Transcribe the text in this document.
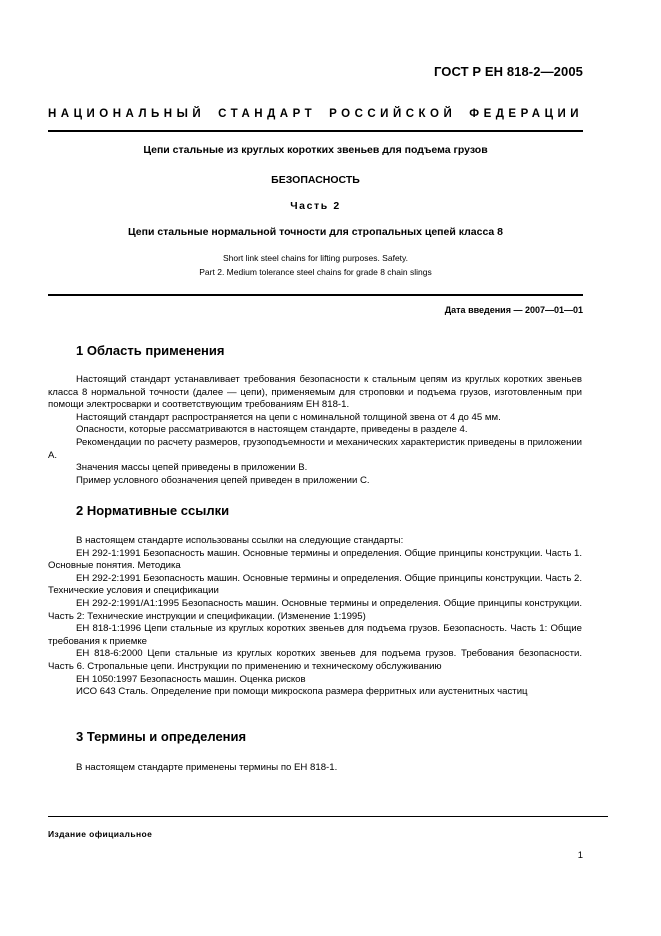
ГОСТ Р ЕН 818-2—2005
НАЦИОНАЛЬНЫЙ СТАНДАРТ РОССИЙСКОЙ ФЕДЕРАЦИИ
Цепи стальные из круглых коротких звеньев для подъема грузов
БЕЗОПАСНОСТЬ
Часть 2
Цепи стальные нормальной точности для стропальных цепей класса 8
Short link steel chains for lifting purposes. Safety.
Part 2. Medium tolerance steel chains for grade 8 chain slings
Дата введения — 2007—01—01
1 Область применения

Настоящий стандарт устанавливает требования безопасности к стальным цепям из круглых коротких звеньев класса 8 нормальной точности (далее — цепи), применяемым для строповки и подъема грузов, изготовленным при помощи электросварки и соответствующим требованиям ЕН 818-1.

Настоящий стандарт распространяется на цепи с номинальной толщиной звена от 4 до 45 мм.

Опасности, которые рассматриваются в настоящем стандарте, приведены в разделе 4.

Рекомендации по расчету размеров, грузоподъемности и механических характеристик приведены в приложении А.

Значения массы цепей приведены в приложении В.

Пример условного обозначения цепей приведен в приложении С.

2 Нормативные ссылки

В настоящем стандарте использованы ссылки на следующие стандарты:

ЕН 292-1:1991 Безопасность машин. Основные термины и определения. Общие принципы конструкции. Часть 1. Основные понятия. Методика

ЕН 292-2:1991 Безопасность машин. Основные термины и определения. Общие принципы конструкции. Часть 2. Технические условия и спецификации

ЕН 292-2:1991/А1:1995 Безопасность машин. Основные термины и определения. Общие принципы конструкции. Часть 2: Технические инструкции и спецификации. (Изменение 1:1995)

ЕН 818-1:1996 Цепи стальные из круглых коротких звеньев для подъема грузов. Безопасность. Часть 1: Общие требования к приемке

ЕН 818-6:2000 Цепи стальные из круглых коротких звеньев для подъема грузов. Требования безопасности. Часть 6. Стропальные цепи. Инструкции по применению и техническому обслуживанию

ЕН 1050:1997 Безопасность машин. Оценка рисков

ИСО 643 Сталь. Определение при помощи микроскопа размера ферритных или аустенитных частиц

3 Термины и определения

В настоящем стандарте применены термины по ЕН 818-1.

Издание официальное
1
